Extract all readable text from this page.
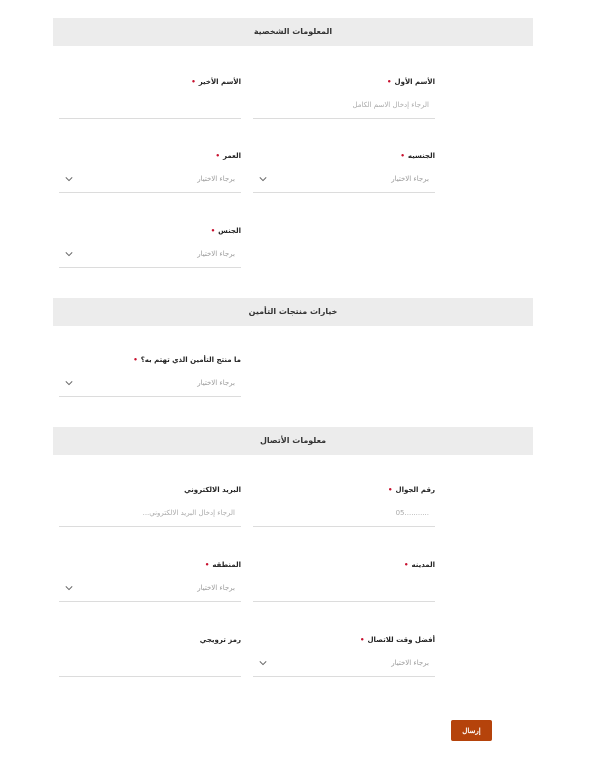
المعلومات الشخصية
الأسم الأول•
الرجاء إدخال الاسم الكامل
الأسم الأخير•
الجنسيه•
برجاء الاختيار
العمر•
برجاء الاختيار
الجنس•
برجاء الاختيار
خيارات منتجات التأمين
ما منتج التأمين الذي تهتم به؟•
برجاء الاختيار
معلومات الأتصال
رقم الجوال•
...........05
البريد الالكتروني
الرجاء إدخال البريد الالكتروني...
المدينه•
المنطقه•
برجاء الاختيار
أفضل وقت للاتصال•
برجاء الاختيار
رمز ترويجي
إرسال
